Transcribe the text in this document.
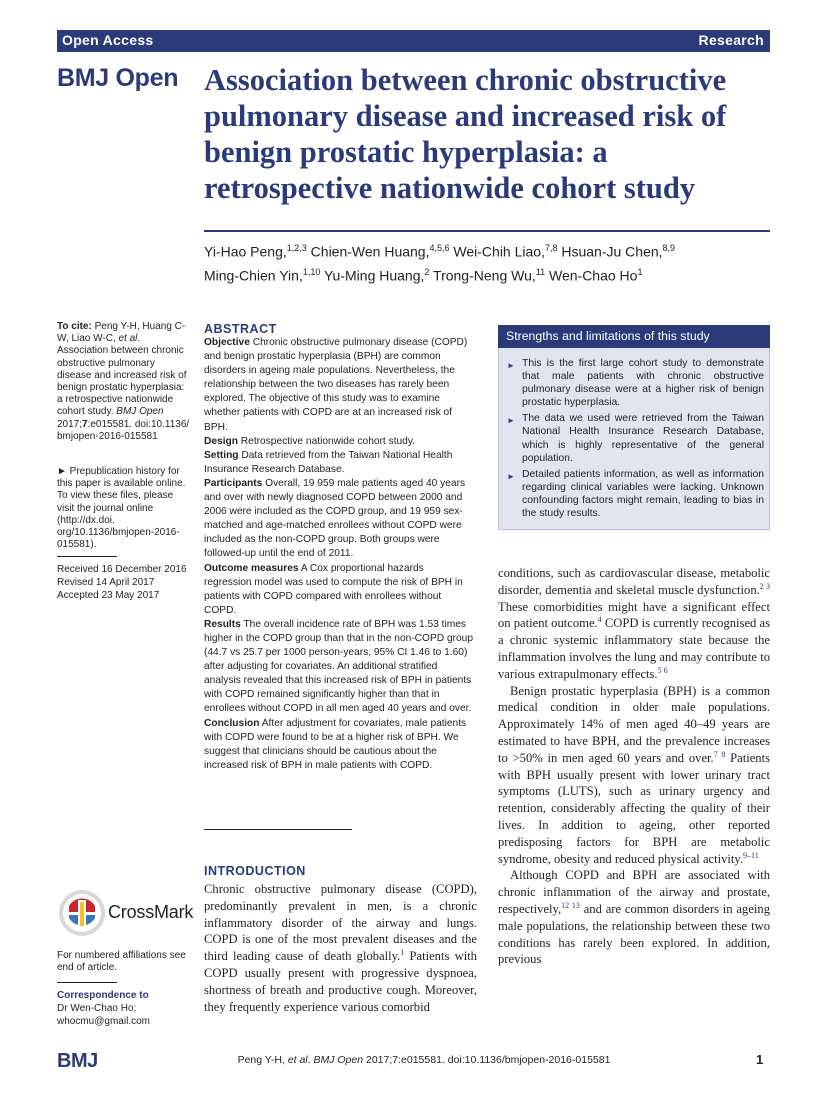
Open Access	Research
BMJ Open Association between chronic obstructive pulmonary disease and increased risk of benign prostatic hyperplasia: a retrospective nationwide cohort study
Yi-Hao Peng,$^{1,2,3}$ Chien-Wen Huang,$^{4,5,6}$ Wei-Chih Liao,$^{7,8}$ Hsuan-Ju Chen,$^{8,9}$
Ming-Chien Yin,$^{1,10}$ Yu-Ming Huang,$^2$ Trong-Neng Wu,$^{11}$ Wen-Chao Ho$^1$
To cite: Peng Y-H, Huang C-W, Liao W-C, et al. Association between chronic obstructive pulmonary disease and increased risk of benign prostatic hyperplasia: a retrospective nationwide cohort study. BMJ Open 2017;7:e015581. doi:10.1136/ bmjopen-2016-015581
► Prepublication history for this paper is available online. To view these files, please visit the journal online (http://dx.doi. org/10.1136/bmjopen-2016- 015581).
Received 16 December 2016
Revised 14 April 2017
Accepted 23 May 2017
CrossMark
For numbered affiliations see end of article.
Correspondence to
Dr Wen-Chao Ho;
whocmu@gmail.com
ABSTRACT

Objective Chronic obstructive pulmonary disease (COPD) and benign prostatic hyperplasia (BPH) are common disorders in ageing male populations. Nevertheless, the relationship between the two diseases has rarely been explored. The objective of this study was to examine whether patients with COPD are at an increased risk of BPH.

Design Retrospective nationwide cohort study.

Setting Data retrieved from the Taiwan National Health Insurance Research Database.

Participants Overall, 19 959 male patients aged 40 years and over with newly diagnosed COPD between 2000 and 2006 were included as the COPD group, and 19 959 sex-matched and age-matched enrollees without COPD were included as the non-COPD group. Both groups were followed-up until the end of 2011.

Outcome measures A Cox proportional hazards regression model was used to compute the risk of BPH in patients with COPD compared with enrollees without COPD.

Results The overall incidence rate of BPH was 1.53 times higher in the COPD group than that in the non-COPD group (44.7 vs 25.7 per 1000 person-years, 95% CI 1.46 to 1.60) after adjusting for covariates. An additional stratified analysis revealed that this increased risk of BPH in patients with COPD remained significantly higher than that in enrollees without COPD in all men aged 40 years and over.

Conclusion After adjustment for covariates, male patients with COPD were found to be at a higher risk of BPH. We suggest that clinicians should be cautious about the increased risk of BPH in male patients with COPD.

INTRODUCTION

Chronic obstructive pulmonary disease (COPD), predominantly prevalent in men, is a chronic inflammatory disorder of the airway and lungs. COPD is one of the most prevalent diseases and the third leading cause of death globally.$^1$ Patients with COPD usually present with progressive dyspnoea, shortness of breath and productive cough. Moreover, they frequently experience various comorbid

Strengths and limitations of this study
► This is the first large cohort study to demonstrate that male patients with chronic obstructive pulmonary disease were at a higher risk of benign prostatic hyperplasia.
► The data we used were retrieved from the Taiwan National Health Insurance Research Database, which is highly representative of the general population.
► Detailed patients information, as well as information regarding clinical variables were lacking. Unknown confounding factors might remain, leading to bias in the study results.

conditions, such as cardiovascular disease, metabolic disorder, dementia and skeletal muscle dysfunction.$^{2 3}$ These comorbidities might have a significant effect on patient outcome.$^4$ COPD is currently recognised as a chronic systemic inflammatory state because the inflammation involves the lung and may contribute to various extrapulmonary effects.$^{5 6}$

Benign prostatic hyperplasia (BPH) is a common medical condition in older male populations. Approximately 14% of men aged 40–49 years are estimated to have BPH, and the prevalence increases to >50% in men aged 60 years and over.$^{7 8}$ Patients with BPH usually present with lower urinary tract symptoms (LUTS), such as urinary urgency and retention, considerably affecting the quality of their lives. In addition to ageing, other reported predisposing factors for BPH are metabolic syndrome, obesity and reduced physical activity.$^{9-11}$

Although COPD and BPH are associated with chronic inflammation of the airway and prostate, respectively,$^{12 13}$ and are common disorders in ageing male populations, the relationship between these two conditions has rarely been explored. In addition, previous

BMJ	Peng Y-H, et al. BMJ Open 2017;7:e015581. doi:10.1136/bmjopen-2016-015581	1
